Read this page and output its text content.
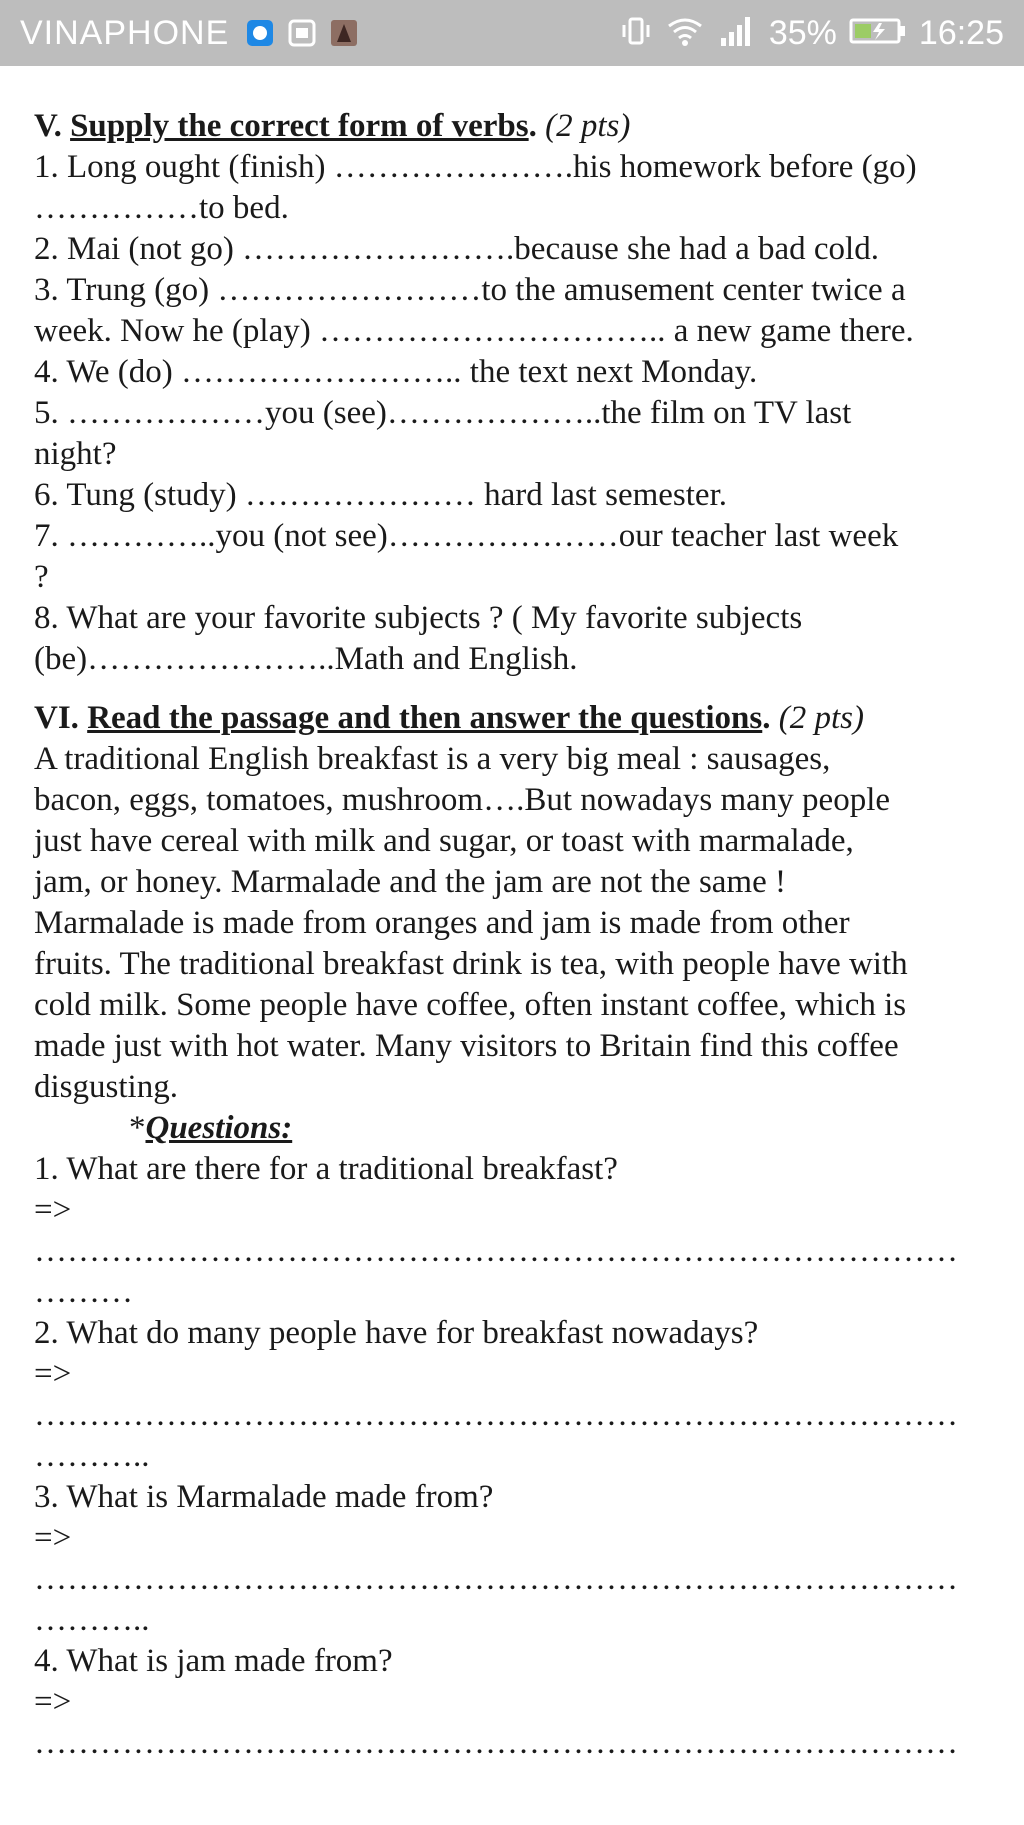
VINAPHONE	35% 16:25

V. Supply the correct form of verbs. (2 pts)

1. Long ought (finish) ………………….his homework before (go)

……………to bed.

2. Mai (not go) …………………….because she had a bad cold.

3. Trung (go) ……………………to the amusement center twice a

week. Now he (play) ………………………….. a new game there.

4. We (do) …………………….. the text next Monday.

5. ………………you (see)………………..the film on TV last

night?

6. Tung (study) ………………… hard last semester.

7. …………..you (not see)…………………our teacher last week

?

8. What are your favorite subjects ? ( My favorite subjects

(be)…………………..Math and English.

VI. Read the passage and then answer the questions. (2 pts)

A traditional English breakfast is a very big meal : sausages,

bacon, eggs, tomatoes, mushroom….But nowadays many people

just have cereal with milk and sugar, or toast with marmalade,

jam, or honey. Marmalade and the jam are not the same !

Marmalade is made from oranges and jam is made from other

fruits. The traditional breakfast drink is tea, with people have with

cold milk. Some people have coffee, often instant coffee, which is

made just with hot water. Many visitors to Britain find this coffee

disgusting.

*Questions:

1. What are there for a traditional breakfast?

=>

…………………………………………………………………………

………

2. What do many people have for breakfast nowadays?

=>

…………………………………………………………………………

………..

3. What is Marmalade made from?

=>

…………………………………………………………………………

………..

4. What is jam made from?

=>

…………………………………………………………………………
